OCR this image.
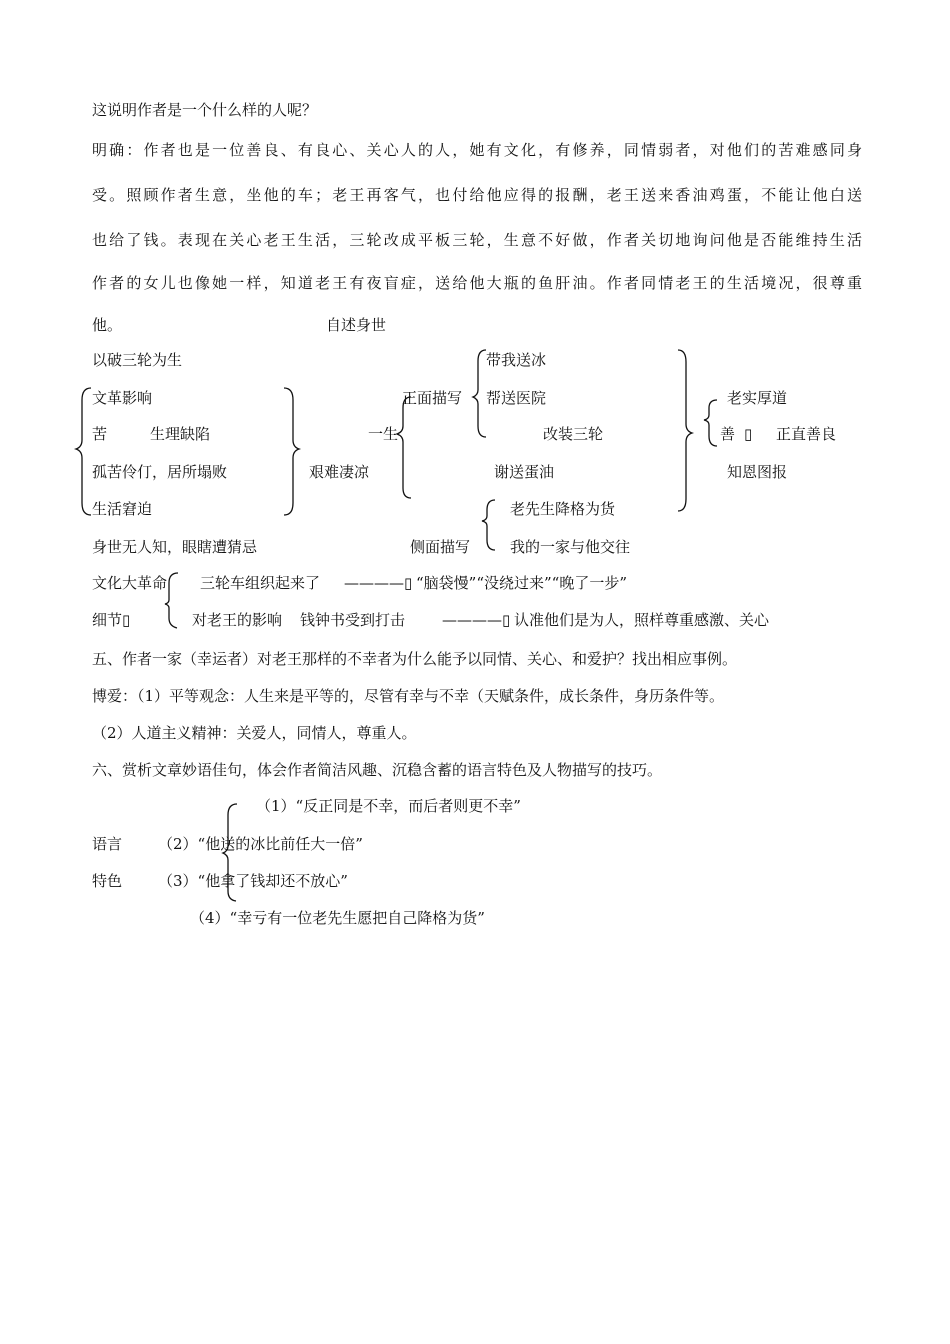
这说明作者是一个什么样的人呢？
明确：作者也是一位善良、有良心、关心人的人，她有文化，有修养，同情弱者，对他们的苦难感同身
受。照顾作者生意，坐他的车；老王再客气，也付给他应得的报酬，老王送来香油鸡蛋，不能让他白送
也给了钱。表现在关心老王生活，三轮改成平板三轮，生意不好做，作者关切地询问他是否能维持生活
作者的女儿也像她一样，知道老王有夜盲症，送给他大瓶的鱼肝油。作者同情老王的生活境况，很尊重
他。	自述身世
以破三轮为生
文革影响
苦	生理缺陷
孤苦伶仃，居所塌败
生活窘迫
身世无人知，眼瞎遭猜忌
艰难凄凉
一生
正面描写
侧面描写
带我送冰
帮送医院
改装三轮
谢送蛋油
老先生降格为货
我的一家与他交往
老实厚道
善 ▯ 正直善良
知恩图报
文化大革命 三轮车组织起来了 ————▯ “脑袋慢”“没绕过来”“晚了一步”
细节▯	对老王的影响 钱钟书受到打击 ————▯ 认准他们是为人，照样尊重感激、关心
五、作者一家（幸运者）对老王那样的不幸者为什么能予以同情、关心、和爱护？找出相应事例。
博爱：（1）平等观念：人生来是平等的，尽管有幸与不幸（天赋条件，成长条件，身历条件等。
（2）人道主义精神：关爱人，同情人，尊重人。
六、赏析文章妙语佳句，体会作者简洁风趣、沉稳含蓄的语言特色及人物描写的技巧。
（1）“反正同是不幸，而后者则更不幸”
语言 （2）“他送的冰比前任大一倍”
特色 （3）“他拿了钱却还不放心”
（4）“幸亏有一位老先生愿把自己降格为货”
